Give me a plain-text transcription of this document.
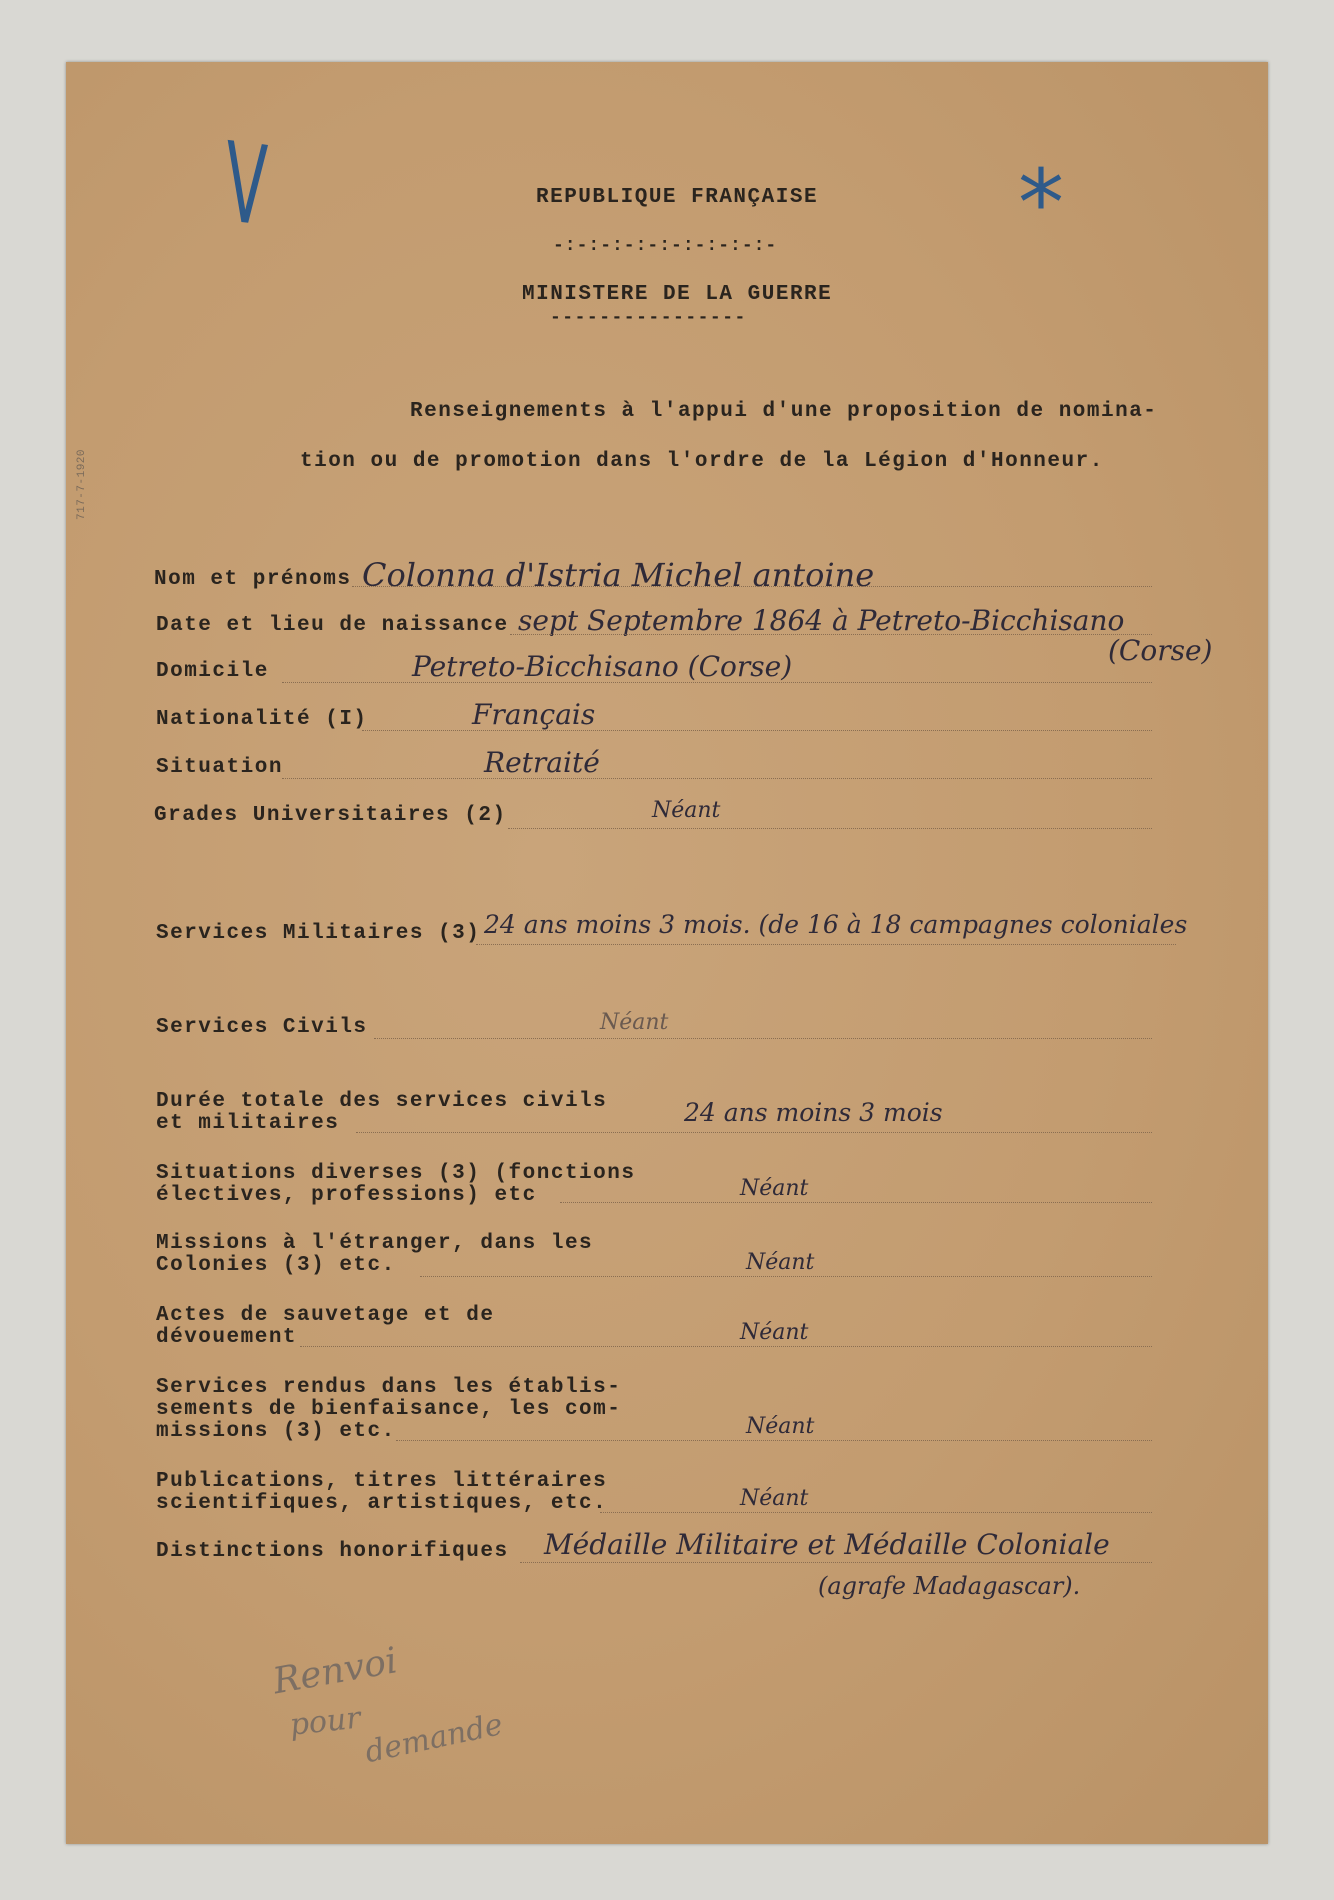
V	*
717-7-1920
REPUBLIQUE FRANÇAISE
-:-:-:-:-:-:-:-:-:-
MINISTERE DE LA GUERRE
----------------
Renseignements à l'appui d'une proposition de nomina-
tion ou de promotion dans l'ordre de la Légion d'Honneur.
Nom et prénoms Colonna d'Istria Michel antoine
Date et lieu de naissance sept Septembre 1864 à Petreto-Bicchisano
(Corse)
Domicile	Petreto-Bicchisano (Corse)
Nationalité (I)	Français
Situation	Retraité
Grades Universitaires (2)	Néant
Services Militaires (3) 24 ans moins 3 mois. (de 16 à 18 campagnes coloniales
Services Civils	Néant
Durée totale des services civils
et militaires	24 ans moins 3 mois
Situations diverses (3) (fonctions
électives, professions) etc	Néant
Missions à l'étranger, dans les
Colonies (3) etc.	Néant
Actes de sauvetage et de
dévouement	Néant
Services rendus dans les établis-
sements de bienfaisance, les com-
missions (3) etc.	Néant
Publications, titres littéraires
scientifiques, artistiques, etc.	Néant
Distinctions honorifiques Médaille Militaire et Médaille Coloniale
(agrafe Madagascar).
Renvoi
pour demande
